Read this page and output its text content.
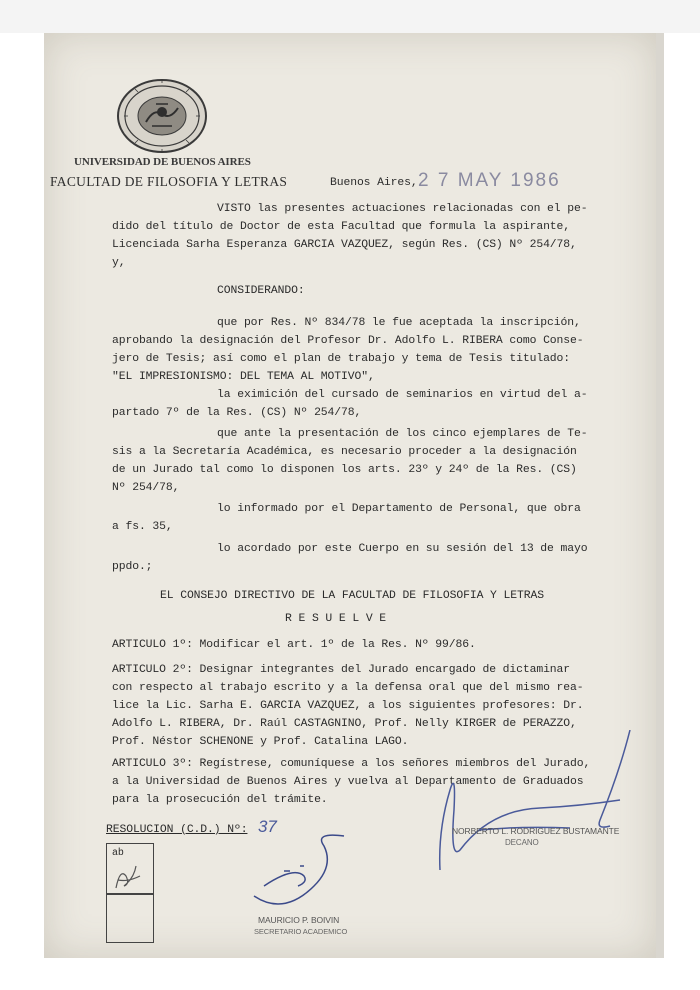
UNIVERSIDAD DE BUENOS AIRES
FACULTAD DE FILOSOFIA Y LETRAS	Buenos Aires, 2 7 MAY 1986
VISTO las presentes actuaciones relacionadas con el pe-
dido del título de Doctor de esta Facultad que formula la aspirante,
Licenciada Sarha Esperanza GARCIA VAZQUEZ, según Res. (CS) Nº 254/78,
y,
CONSIDERANDO:
que por Res. Nº 834/78 le fue aceptada la inscripción,
aprobando la designación del Profesor Dr. Adolfo L. RIBERA como Conse-
jero de Tesis; así como el plan de trabajo y tema de Tesis titulado:
"EL IMPRESIONISMO: DEL TEMA AL MOTIVO",
la eximición del cursado de seminarios en virtud del a-
partado 7º de la Res. (CS) Nº 254/78,
que ante la presentación de los cinco ejemplares de Te-
sis a la Secretaría Académica, es necesario proceder a la designación
de un Jurado tal como lo disponen los arts. 23º y 24º de la Res. (CS)
Nº 254/78,
lo informado por el Departamento de Personal, que obra
a fs. 35,
lo acordado por este Cuerpo en su sesión del 13 de mayo
ppdo.;
EL CONSEJO DIRECTIVO DE LA FACULTAD DE FILOSOFIA Y LETRAS
R E S U E L V E
ARTICULO 1º: Modificar el art. 1º de la Res. Nº 99/86.
ARTICULO 2º: Designar integrantes del Jurado encargado de dictaminar
con respecto al trabajo escrito y a la defensa oral que del mismo rea-
lice la Lic. Sarha E. GARCIA VAZQUEZ, a los siguientes profesores: Dr.
Adolfo L. RIBERA, Dr. Raúl CASTAGNINO, Prof. Nelly KIRGER de PERAZZO,
Prof. Néstor SCHENONE y Prof. Catalina LAGO.
ARTICULO 3º: Regístrese, comuníquese a los señores miembros del Jurado,
a la Universidad de Buenos Aires y vuelva al Departamento de Graduados
para la prosecución del trámite.
RESOLUCION (C.D.) Nº: 37
ab
NORBERTO L. RODRIGUEZ BUSTAMANTE
DECANO
MAURICIO P. BOIVIN
SECRETARIO ACADEMICO
